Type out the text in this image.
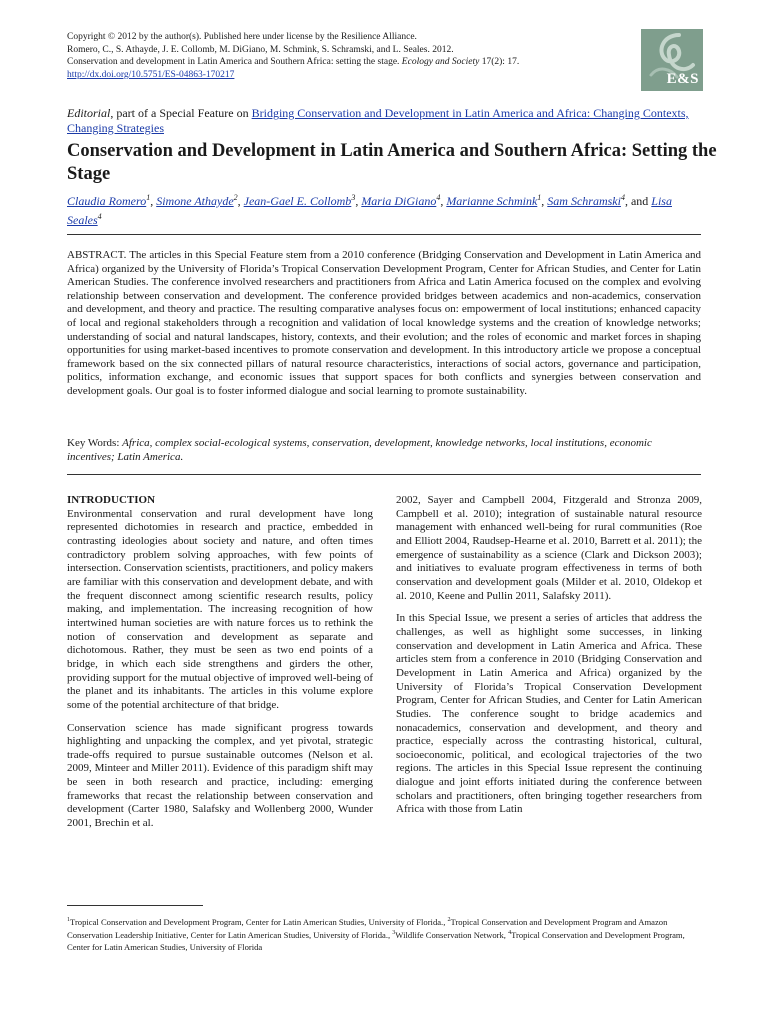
Copyright © 2012 by the author(s). Published here under license by the Resilience Alliance.
Romero, C., S. Athayde, J. E. Collomb, M. DiGiano, M. Schmink, S. Schramski, and L. Seales. 2012.
Conservation and development in Latin America and Southern Africa: setting the stage. Ecology and Society 17(2): 17.
http://dx.doi.org/10.5751/ES-04863-170217	E&S
Editorial, part of a Special Feature on Bridging Conservation and Development in Latin America and Africa: Changing Contexts, Changing Strategies
Conservation and Development in Latin America and Southern Africa: Setting the Stage
Claudia Romero$^1$, Simone Athayde$^2$, Jean-Gael E. Collomb$^3$, Maria DiGiano$^4$, Marianne Schmink$^1$, Sam Schramski$^4$, and Lisa Seales$^4$
ABSTRACT. The articles in this Special Feature stem from a 2010 conference (Bridging Conservation and Development in Latin America and Africa) organized by the University of Florida’s Tropical Conservation Development Program, Center for African Studies, and Center for Latin American Studies. The conference involved researchers and practitioners from Africa and Latin America focused on the complex and evolving relationship between conservation and development. The conference provided bridges between academics and non-academics, conservation and development, and theory and practice. The resulting comparative analyses focus on: empowerment of local institutions; enhanced capacity of local and regional stakeholders through a recognition and validation of local knowledge systems and the creation of knowledge networks; understanding of social and natural landscapes, history, contexts, and their evolution; and the roles of economic and market forces in shaping opportunities for using market-based incentives to promote conservation and development. In this introductory article we propose a conceptual framework based on the six connected pillars of natural resource characteristics, interactions of social actors, governance and participation, politics, information exchange, and economic issues that support spaces for both conflicts and synergies between conservation and development goals. Our goal is to foster informed dialogue and social learning to promote sustainability.
Key Words: Africa, complex social-ecological systems, conservation, development, knowledge networks, local institutions, economic incentives; Latin America.
INTRODUCTION

Environmental conservation and rural development have long represented dichotomies in research and practice, embedded in contrasting ideologies about society and nature, and often times contradictory problem solving approaches, with few points of intersection. Conservation scientists, practitioners, and policy makers are familiar with this conservation and development debate, and with the frequent disconnect among scientific research results, policy making, and implementation. The increasing recognition of how intertwined human societies are with nature forces us to rethink the notion of conservation and development as separate and dichotomous. Rather, they must be seen as two end points of a bridge, in which each side strengthens and girders the other, providing support for the mutual objective of improved well-being of the planet and its inhabitants. The articles in this volume explore some of the potential architecture of that bridge.

Conservation science has made significant progress towards highlighting and unpacking the complex, and yet pivotal, strategic trade-offs required to pursue sustainable outcomes (Nelson et al. 2009, Minteer and Miller 2011). Evidence of this paradigm shift may be seen in both research and practice, including: emerging frameworks that recast the relationship between conservation and development (Carter 1980, Salafsky and Wollenberg 2000, Wunder 2001, Brechin et al.

2002, Sayer and Campbell 2004, Fitzgerald and Stronza 2009, Campbell et al. 2010); integration of sustainable natural resource management with enhanced well-being for rural communities (Roe and Elliott 2004, Raudsep-Hearne et al. 2010, Barrett et al. 2011); the emergence of sustainability as a science (Clark and Dickson 2003); and initiatives to evaluate program effectiveness in terms of both conservation and development goals (Milder et al. 2010, Oldekop et al. 2010, Keene and Pullin 2011, Salafsky 2011).

In this Special Issue, we present a series of articles that address the challenges, as well as highlight some successes, in linking conservation and development in Latin America and Africa. These articles stem from a conference in 2010 (Bridging Conservation and Development in Latin America and Africa) organized by the University of Florida’s Tropical Conservation Development Program, Center for African Studies, and Center for Latin American Studies. The conference sought to bridge academics and nonacademics, conservation and development, and theory and practice, especially across the contrasting historical, cultural, socioeconomic, political, and ecological trajectories of the two regions. The articles in this Special Issue represent the continuing dialogue and joint efforts initiated during the conference between scholars and practitioners, often bringing together researchers from Africa with those from Latin

$^1$Tropical Conservation and Development Program, Center for Latin American Studies, University of Florida., $^2$Tropical Conservation and Development Program and Amazon Conservation Leadership Initiative, Center for Latin American Studies, University of Florida., $^3$Wildlife Conservation Network, $^4$Tropical Conservation and Development Program, Center for Latin American Studies, University of Florida
